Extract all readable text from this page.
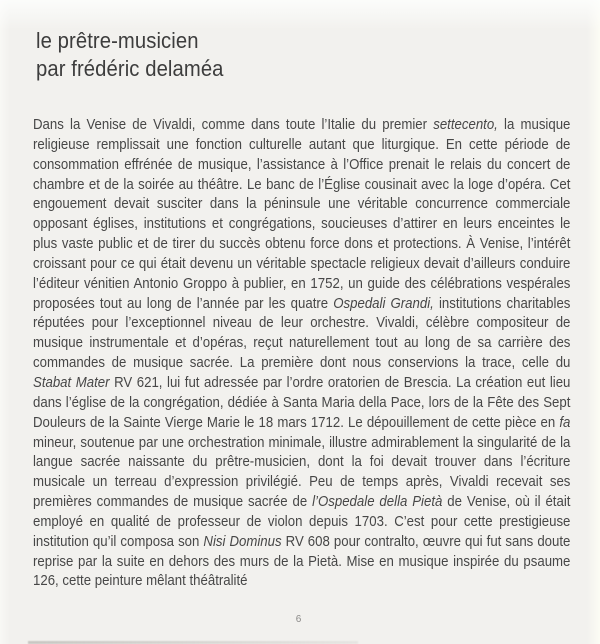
le prêtre-musicien
par frédéric delaméa

Dans la Venise de Vivaldi, comme dans toute l’Italie du premier settecento, la musique religieuse remplissait une fonction culturelle autant que liturgique. En cette période de consommation effrénée de musique, l’assistance à l’Office prenait le relais du concert de chambre et de la soirée au théâtre. Le banc de l’Église cousinait avec la loge d’opéra. Cet engouement devait susciter dans la péninsule une véritable concurrence commerciale opposant églises, institutions et congrégations, soucieuses d’attirer en leurs enceintes le plus vaste public et de tirer du succès obtenu force dons et protections. À Venise, l’intérêt croissant pour ce qui était devenu un véritable spectacle religieux devait d’ailleurs conduire l’éditeur vénitien Antonio Groppo à publier, en 1752, un guide des célébrations vespérales proposées tout au long de l’année par les quatre Ospedali Grandi, institutions charitables réputées pour l’exceptionnel niveau de leur orchestre. Vivaldi, célèbre compositeur de musique instrumentale et d’opéras, reçut naturellement tout au long de sa carrière des commandes de musique sacrée. La première dont nous conservions la trace, celle du Stabat Mater RV 621, lui fut adressée par l’ordre oratorien de Brescia. La création eut lieu dans l’église de la congrégation, dédiée à Santa Maria della Pace, lors de la Fête des Sept Douleurs de la Sainte Vierge Marie le 18 mars 1712. Le dépouillement de cette pièce en fa mineur, soutenue par une orchestration minimale, illustre admirablement la singularité de la langue sacrée naissante du prêtre-musicien, dont la foi devait trouver dans l’écriture musicale un terreau d’expression privilégié. Peu de temps après, Vivaldi recevait ses premières commandes de musique sacrée de l’Ospedale della Pietà de Venise, où il était employé en qualité de professeur de violon depuis 1703. C’est pour cette prestigieuse institution qu’il composa son Nisi Dominus RV 608 pour contralto, œuvre qui fut sans doute reprise par la suite en dehors des murs de la Pietà. Mise en musique inspirée du psaume 126, cette peinture mêlant théâtralité

6
